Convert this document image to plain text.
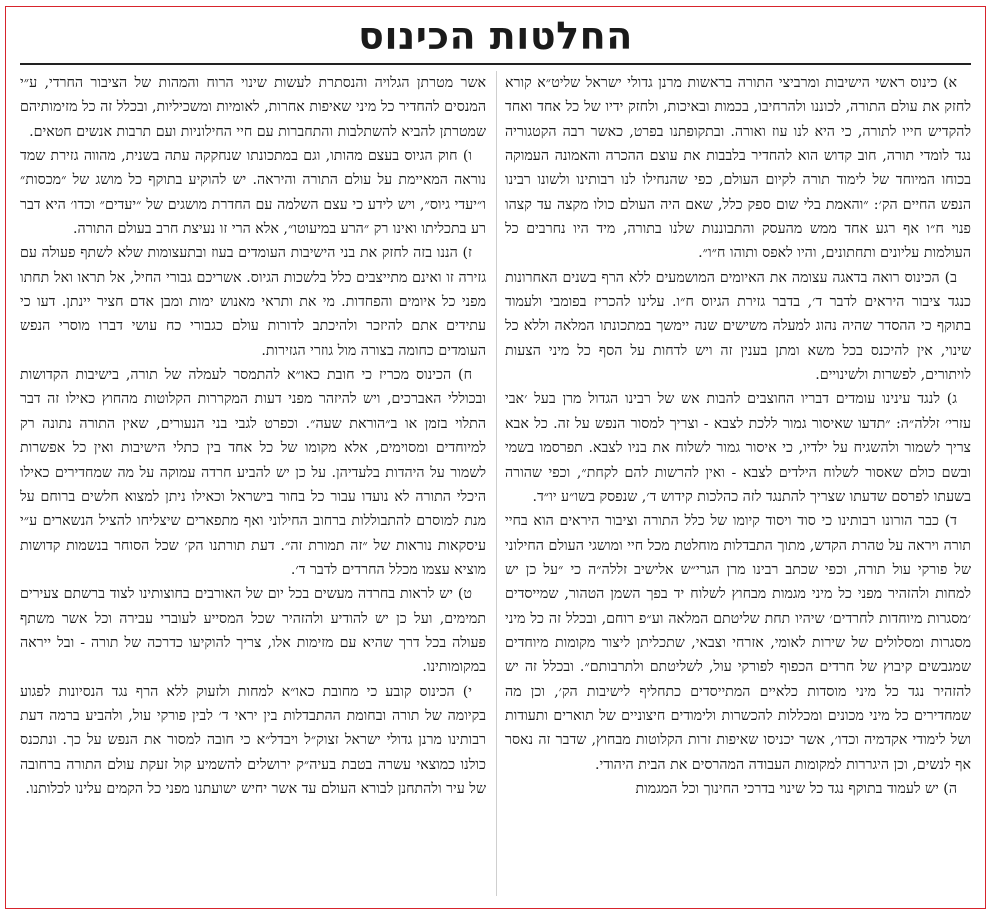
החלטות הכינוס

א) כינוס ראשי הישיבות ומרביצי התורה בראשות מרנן גדולי ישראל שליט״א קורא לחזק את עולם התורה, לכוננו ולהרחיבו, בכמות ובאיכות, ולחזק ידיו של כל אחד ואחד להקדיש חייו לתורה, כי היא לנו עוז ואורה. ובתקופתנו בפרט, כאשר רבה הקטגוריה נגד לומדי תורה, חוב קדוש הוא להחדיר בלבבות את עוצם ההכרה והאמונה העמוקה בכוחו המיוחד של לימוד תורה לקיום העולם, כפי שהנחילו לנו רבותינו ולשונו רבינו הנפש החיים הק׳: ״והאמת בלי שום ספק כלל, שאם היה העולם כולו מקצה עד קצהו פנוי ח״ו אף רגע אחד ממש מהעסק והתבוננות שלנו בתורה, מיד היו נחרבים כל העולמות עליונים ותחתונים, והיו לאפס ותוהו ח״ו״.

ב) הכינוס רואה בדאגה עצומה את האיומים המושמעים ללא הרף בשנים האחרונות כנגד ציבור היראים לדבר ד׳, בדבר גזירת הגיוס ח״ו. עלינו להכריז בפומבי ולעמוד בתוקף כי ההסדר שהיה נהוג למעלה משישים שנה יימשך במתכונתו המלאה וללא כל שינוי, אין להיכנס בכל משא ומתן בענין זה ויש לדחות על הסף כל מיני הצעות לויתורים, לפשרות ולשינויים.

ג) לנגד עינינו עומדים דבריו החוצבים להבות אש של רבינו הגדול מרן בעל ׳אבי עזרי׳ זללה״ה: ״תדעו שאיסור גמור ללכת לצבא - וצריך למסור הנפש על זה. כל אבא צריך לשמור ולהשגיח על ילדיו, כי איסור גמור לשלוח את בניו לצבא. תפרסמו בשמי ובשם כולם שאסור לשלוח הילדים לצבא - ואין להרשות להם לקחת״, וכפי שהורה בשעתו לפרסם שדעתו שצריך להתנגד לזה כהלכות קידוש ד׳, שנפסק בשו״ע יו״ד.

ד) כבר הורונו רבותינו כי סוד ויסוד קיומו של כלל התורה וציבור היראים הוא בחיי תורה ויראה על טהרת הקדש, מתוך התבדלות מוחלטת מכל חיי ומושגי העולם החילוני של פורקי עול תורה, וכפי שכתב רבינו מרן הגרי״ש אלישיב זללה״ה כי ״על כן יש למחות ולהזהיר מפני כל מיני מגמות מבחוץ לשלוח יד בפך השמן הטהור, שמייסדים ׳מסגרות מיוחדות לחרדים׳ שיהיו תחת שליטתם המלאה וע״פ רוחם, ובכלל זה כל מיני מסגרות ומסלולים של שירות לאומי, אזרחי וצבאי, שתכליתן ליצור מקומות מיוחדים שמגבשים קיבוץ של חרדים הכפוף לפורקי עול, לשליטתם ולתרבותם״. ובכלל זה יש להזהיר נגד כל מיני מוסדות כלאיים המתייסדים כתחליף לישיבות הק׳, וכן מה שמחדירים כל מיני מכונים ומכללות להכשרות ולימודים חיצוניים של תוארים ותעודות ושל לימודי אקדמיה וכדו׳, אשר יכניסו שאיפות זרות הקלוטות מבחוץ, שדבר זה נאסר אף לנשים, וכן היגררות למקומות העבודה המהרסים את הבית היהודי.

ה) יש לעמוד בתוקף נגד כל שינוי בדרכי החינוך וכל המגמות

אשר מטרתן הגלויה והנסתרת לעשות שינוי הרוח והמהות של הציבור החרדי, ע״י המנסים להחדיר כל מיני שאיפות אחרות, לאומיות ומשכיליות, ובכלל זה כל מזימותיהם שמטרתן להביא להשתלבות והתחברות עם חיי החילוניות ועם תרבות אנשים חטאים.

ו) חוק הגיוס בעצם מהותו, וגם במתכונתו שנחקקה עתה בשנית, מהווה גזירת שמד נוראה המאיימת על עולם התורה והיראה. יש להוקיע בתוקף כל מושג של ״מכסות״ ו״יעדי גיוס״, ויש לידע כי עצם השלמה עם החדרת מושגים של ״יעדים״ וכדו׳ היא דבר רע בתכליתו ואינו רק ״הרע במיעוטו״, אלא הרי זו נעיצת חרב בעולם התורה.

ז) הננו בזה לחזק את בני הישיבות העומדים בעוז ובתעצומות שלא לשתף פעולה עם גזירה זו ואינם מתייצבים כלל בלשכות הגיוס. אשריכם גבורי החיל, אל תראו ואל תחתו מפני כל איומים והפחדות. מי את ותראי מאנוש ימות ומבן אדם חציר יינתן. דעו כי עתידים אתם להיזכר ולהיכתב לדורות עולם כגבורי כח עושי דברו מוסרי הנפש העומדים כחומה בצורה מול גוזרי הגזירות.

ח) הכינוס מכריז כי חובת כאו״א להתמסר לעמלה של תורה, בישיבות הקדושות ובכוללי האברכים, ויש להיזהר מפני דעות המקררות הקלוטות מהחוץ כאילו זה דבר התלוי בזמן או ב״הוראת שעה״. וכפרט לגבי בני הנעורים, שאין התורה נתונה רק למיוחדים ומסוימים, אלא מקומו של כל אחד בין כתלי הישיבות ואין כל אפשרות לשמור על היהדות בלעדיהן. על כן יש להביע חרדה עמוקה על מה שמחדירים כאילו היכלי התורה לא נועדו עבור כל בחור בישראל וכאילו ניתן למצוא חלשים ברוחם על מנת למוסרם להתבוללות ברחוב החילוני ואף מתפארים שיצליחו להציל הנשארים ע״י עיסקאות נוראות של ״זה תמורת זה״. דעת תורתנו הק׳ שכל הסוחר בנשמות קדושות מוציא עצמו מכלל החרדים לדבר ד׳.

ט) יש לראות בחרדה מעשים בכל יום של האורבים בחוצותינו לצוד ברשתם צעירים תמימים, ועל כן יש להודיע ולהזהיר שכל המסייע לעוברי עבירה וכל אשר משתף פעולה בכל דרך שהיא עם מזימות אלו, צריך להוקיעו כדרכה של תורה - ובל ייראה במקומותינו.

י) הכינוס קובע כי מחובת כאו״א למחות ולזעוק ללא הרף נגד הנסיונות לפגוע בקיומה של תורה ובחומת ההתבדלות בין יראי ד׳ לבין פורקי עול, ולהביע ברמה דעת רבותינו מרנן גדולי ישראל זצוק״ל ויבדל״א כי חובה למסור את הנפש על כך. ונתכנס כולנו כמוצאי עשרה בטבת בעיה״ק ירושלים להשמיע קול זעקת עולם התורה ברחובה של עיר ולהתחנן לבורא העולם עד אשר יחיש ישועתנו מפני כל הקמים עלינו לכלותנו.
